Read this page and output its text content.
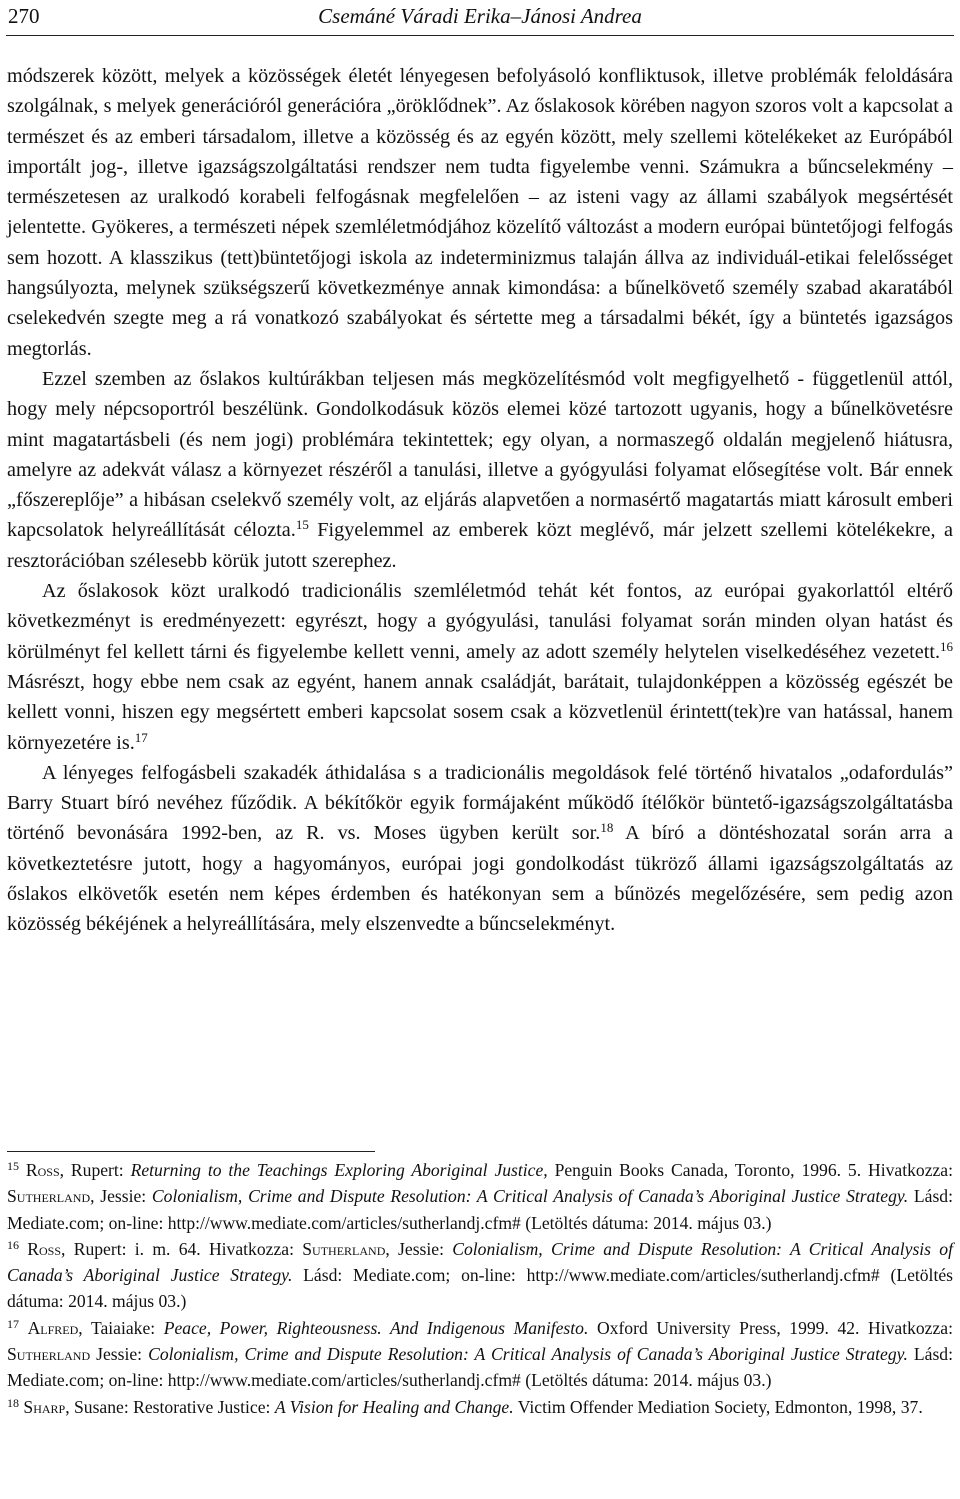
270	Csemáné Váradi Erika–Jánosi Andrea

módszerek között, melyek a közösségek életét lényegesen befolyásoló konfliktusok, illetve problémák feloldására szolgálnak, s melyek generációról generációra „öröklődnek”. Az őslakosok körében nagyon szoros volt a kapcsolat a természet és az emberi társadalom, illetve a közösség és az egyén között, mely szellemi kötelékeket az Európából importált jog-, illetve igazságszolgáltatási rendszer nem tudta figyelembe venni. Számukra a bűncselekmény – természetesen az uralkodó korabeli felfogásnak megfelelően – az isteni vagy az állami szabályok megsértését jelentette. Gyökeres, a természeti népek szemléletmódjához közelítő változást a modern európai büntetőjogi felfogás sem hozott. A klasszikus (tett)büntetőjogi iskola az indeterminizmus talaján állva az individuál-etikai felelősséget hangsúlyozta, melynek szükségszerű következménye annak kimondása: a bűnelkövető személy szabad akaratából cselekedvén szegte meg a rá vonatkozó szabályokat és sértette meg a társadalmi békét, így a büntetés igazságos megtorlás.

Ezzel szemben az őslakos kultúrákban teljesen más megközelítésmód volt megfigyelhető - függetlenül attól, hogy mely népcsoportról beszélünk. Gondolkodásuk közös elemei közé tartozott ugyanis, hogy a bűnelkövetésre mint magatartásbeli (és nem jogi) problémára tekintettek; egy olyan, a normaszegő oldalán megjelenő hiátusra, amelyre az adekvát válasz a környezet részéről a tanulási, illetve a gyógyulási folyamat elősegítése volt. Bár ennek „főszereplője” a hibásan cselekvő személy volt, az eljárás alapvetően a normasértő magatartás miatt károsult emberi kapcsolatok helyreállítását célozta.$^{15}$ Figyelemmel az emberek közt meglévő, már jelzett szellemi kötelékekre, a resztorációban szélesebb körük jutott szerephez.

Az őslakosok közt uralkodó tradicionális szemléletmód tehát két fontos, az európai gyakorlattól eltérő következményt is eredményezett: egyrészt, hogy a gyógyulási, tanulási folyamat során minden olyan hatást és körülményt fel kellett tárni és figyelembe kellett venni, amely az adott személy helytelen viselkedéséhez vezetett.$^{16}$ Másrészt, hogy ebbe nem csak az egyént, hanem annak családját, barátait, tulajdonképpen a közösség egészét be kellett vonni, hiszen egy megsértett emberi kapcsolat sosem csak a közvetlenül érintett(tek)re van hatással, hanem környezetére is.$^{17}$

A lényeges felfogásbeli szakadék áthidalása s a tradicionális megoldások felé történő hivatalos „odafordulás” Barry Stuart bíró nevéhez fűződik. A békítőkör egyik formájaként működő ítélőkör büntető-igazságszolgáltatásba történő bevonására 1992-ben, az R. vs. Moses ügyben került sor.$^{18}$ A bíró a döntéshozatal során arra a következtetésre jutott, hogy a hagyományos, európai jogi gondolkodást tükröző állami igazságszolgáltatás az őslakos elkövetők esetén nem képes érdemben és hatékonyan sem a bűnözés megelőzésére, sem pedig azon közösség békéjének a helyreállítására, mely elszenvedte a bűncselekményt.

$^{15}$ Ross, Rupert: Returning to the Teachings Exploring Aboriginal Justice, Penguin Books Canada, Toronto, 1996. 5. Hivatkozza: Sutherland, Jessie: Colonialism, Crime and Dispute Resolution: A Critical Analysis of Canada’s Aboriginal Justice Strategy. Lásd: Mediate.com; on-line: http://www.mediate.com/articles/sutherlandj.cfm# (Letöltés dátuma: 2014. május 03.)

$^{16}$ Ross, Rupert: i. m. 64. Hivatkozza: Sutherland, Jessie: Colonialism, Crime and Dispute Resolution: A Critical Analysis of Canada’s Aboriginal Justice Strategy. Lásd: Mediate.com; on-line: http://www.mediate.com/articles/sutherlandj.cfm# (Letöltés dátuma: 2014. május 03.)

$^{17}$ Alfred, Taiaiake: Peace, Power, Righteousness. And Indigenous Manifesto. Oxford University Press, 1999. 42. Hivatkozza: Sutherland Jessie: Colonialism, Crime and Dispute Resolution: A Critical Analysis of Canada’s Aboriginal Justice Strategy. Lásd: Mediate.com; on-line: http://www.mediate.com/articles/sutherlandj.cfm# (Letöltés dátuma: 2014. május 03.)

$^{18}$ Sharp, Susane: Restorative Justice: A Vision for Healing and Change. Victim Offender Mediation Society, Edmonton, 1998, 37.
